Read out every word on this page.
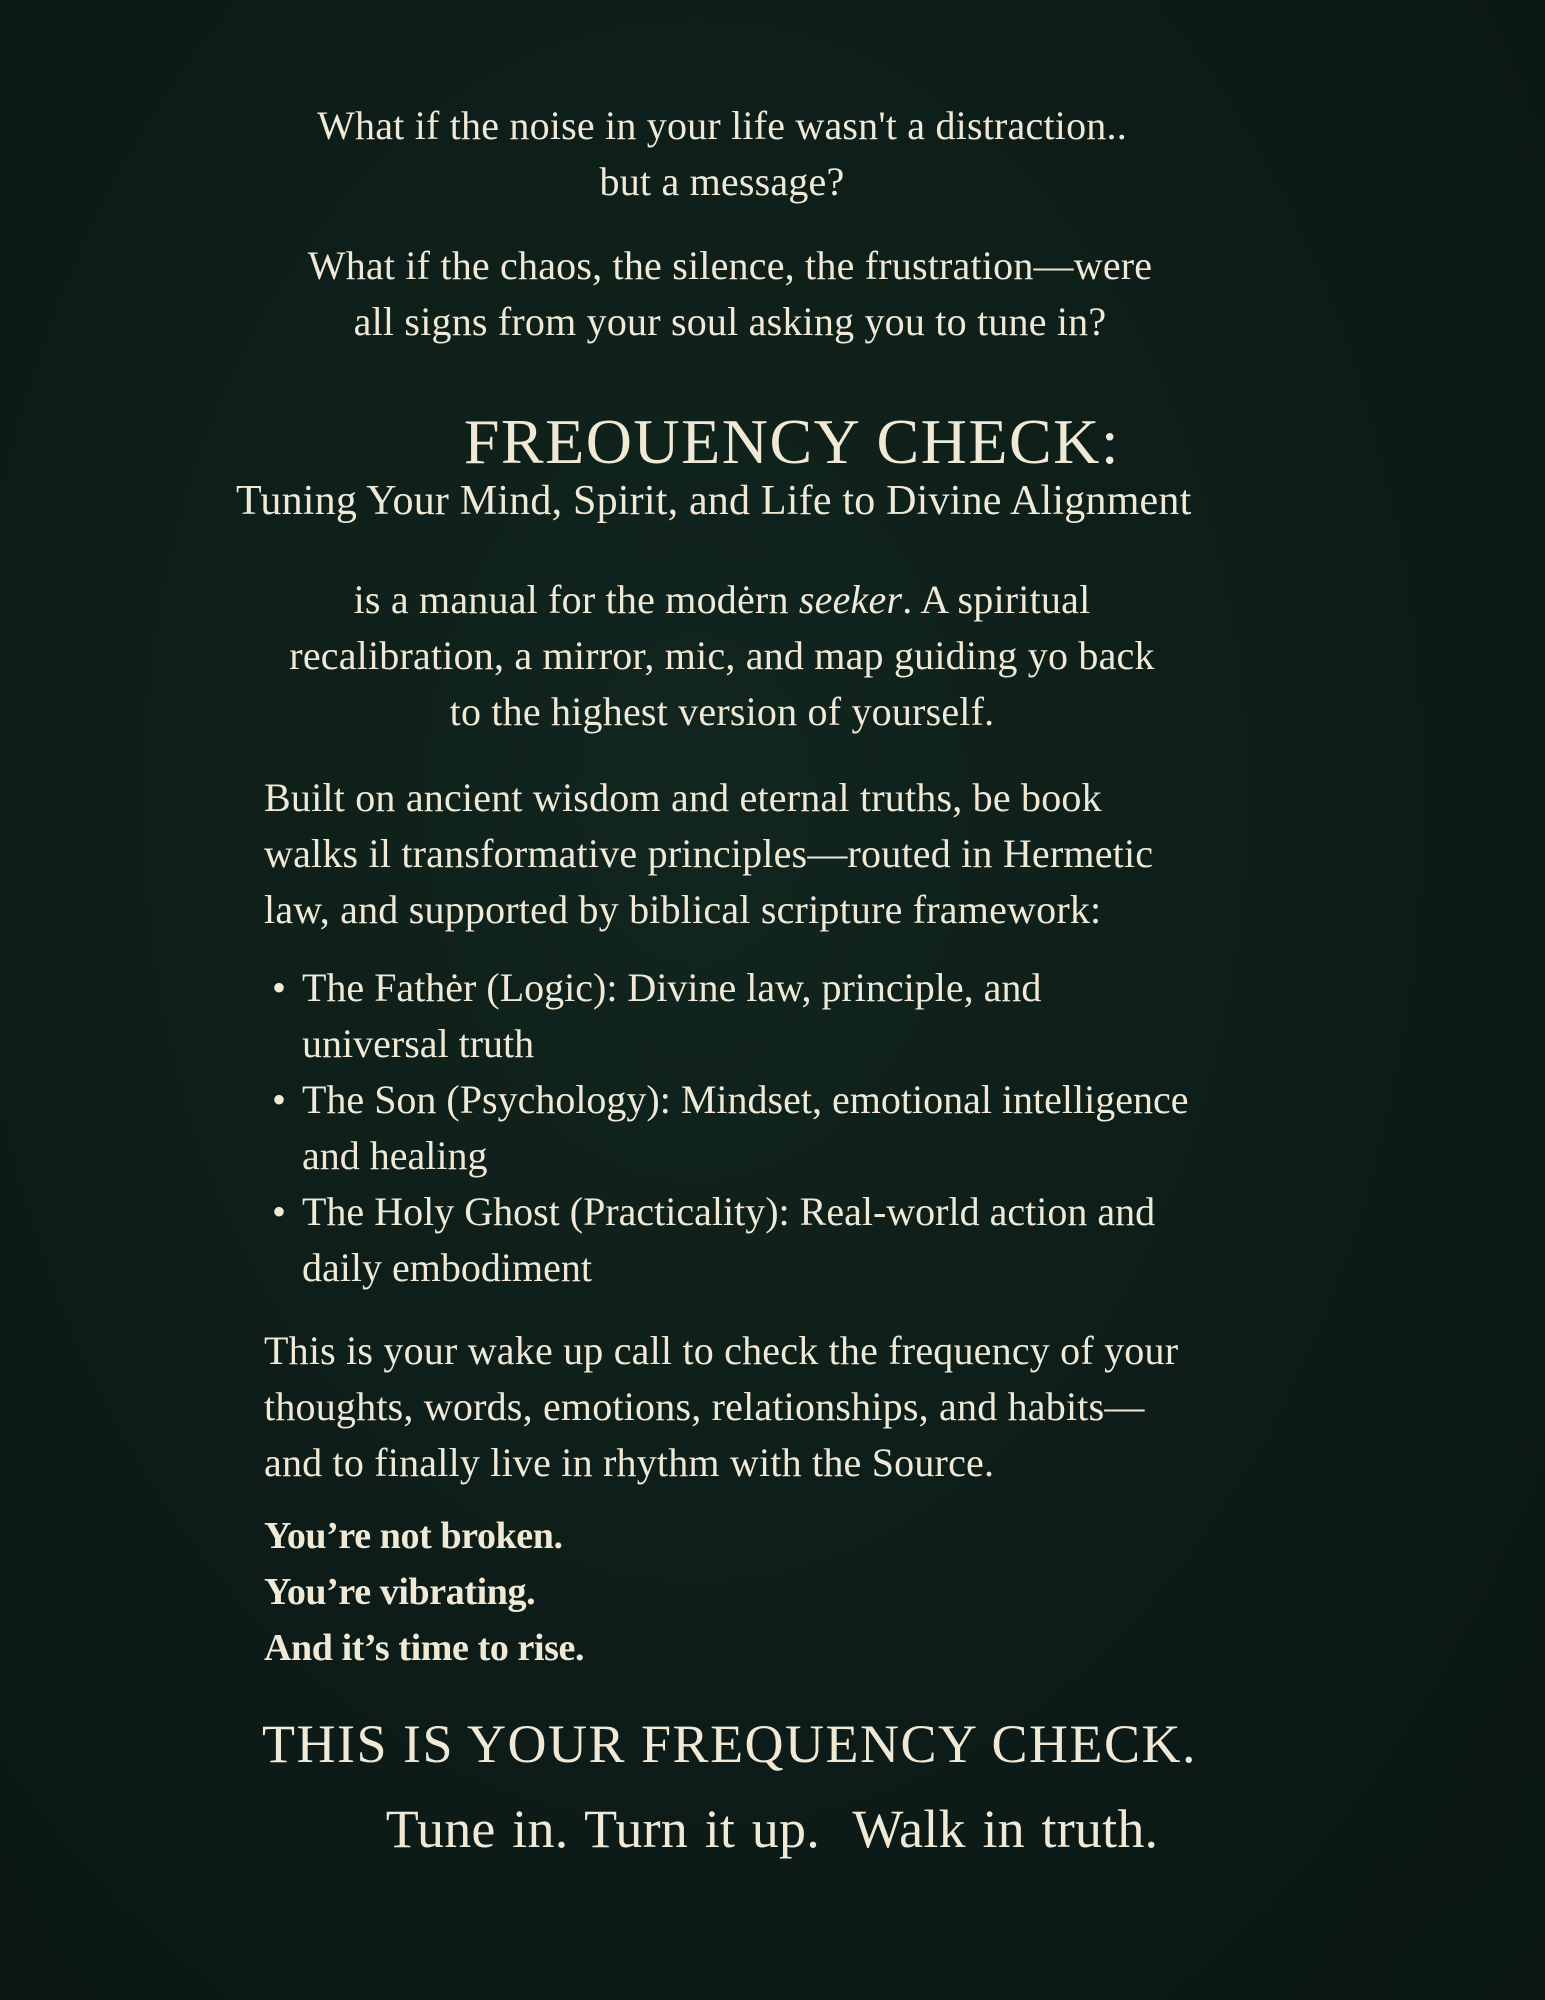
What if the noise in your life wasn't a distraction..
but a message?
What if the chaos, the silence, the frustration—were
all signs from your soul asking you to tune in?
FREOUENCY CHECK:
Tuning Your Mind, Spirit, and Life to Divine Alignment
is a manual for the modėrn seeker. A spiritual
recalibration, a mirror, mic, and map guiding yo back
to the highest version of yourself.
Built on ancient wisdom and eternal truths, be book
walks il transformative principles—routed in Hermetic
law, and supported by biblical scripture framework:
• The Fathėr (Logic): Divine law, principle, and
universal truth
• The Son (Psychology): Mindset, emotional intelligence
and healing
• The Holy Ghost (Practicality): Real-world action and
daily embodiment
This is your wake up call to check the frequency of your
thoughts, words, emotions, relationships, and habits—
and to finally live in rhythm with the Source.
You’re not broken.
You’re vibrating.
And it’s time to rise.
THIS IS YOUR FREQUENCY CHECK.
Tune in. Turn it up.  Walk in truth.
